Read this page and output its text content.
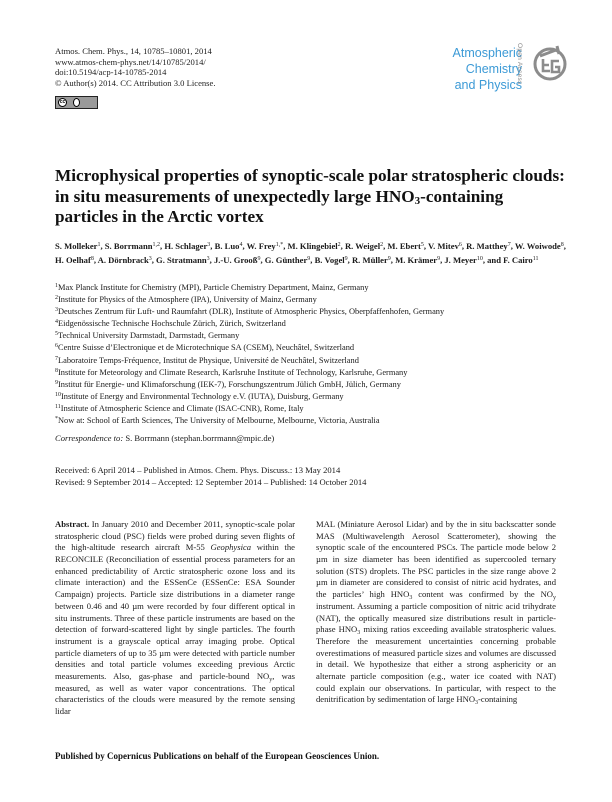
Atmos. Chem. Phys., 14, 10785–10801, 2014
www.atmos-chem-phys.net/14/10785/2014/
doi:10.5194/acp-14-10785-2014
© Author(s) 2014. CC Attribution 3.0 License.
cc
Atmospheric
Chemistry
and Physics
Open Access
Microphysical properties of synoptic-scale polar stratospheric clouds: in situ measurements of unexpectedly large $HNO_3$-containing particles in the Arctic vortex
S. Molleker$^1$, S. Borrmann$^{1,2}$, H. Schlager$^3$, B. Luo$^4$, W. Frey$^{1,*}$, M. Klingebiel$^2$, R. Weigel$^2$, M. Ebert$^5$, V. Mitev$^6$, R. Matthey$^7$, W. Woiwode$^8$, H. Oelhaf$^8$, A. Dörnbrack$^3$, G. Stratmann$^3$, J.-U. Grooß$^9$, G. Günther$^9$, B. Vogel$^9$, R. Müller$^9$, M. Krämer$^9$, J. Meyer$^{10}$, and F. Cairo$^{11}$
$^1$Max Planck Institute for Chemistry (MPI), Particle Chemistry Department, Mainz, Germany
$^2$Institute for Physics of the Atmosphere (IPA), University of Mainz, Germany
$^3$Deutsches Zentrum für Luft- und Raumfahrt (DLR), Institute of Atmospheric Physics, Oberpfaffenhofen, Germany
$^4$Eidgenössische Technische Hochschule Zürich, Zürich, Switzerland
$^5$Technical University Darmstadt, Darmstadt, Germany
$^6$Centre Suisse d’Electronique et de Microtechnique SA (CSEM), Neuchâtel, Switzerland
$^7$Laboratoire Temps-Fréquence, Institut de Physique, Université de Neuchâtel, Switzerland
$^8$Institute for Meteorology and Climate Research, Karlsruhe Institute of Technology, Karlsruhe, Germany
$^9$Institut für Energie- und Klimaforschung (IEK-7), Forschungszentrum Jülich GmbH, Jülich, Germany
$^{10}$Institute of Energy and Environmental Technology e.V. (IUTA), Duisburg, Germany
$^{11}$Institute of Atmospheric Science and Climate (ISAC-CNR), Rome, Italy
*Now at: School of Earth Sciences, The University of Melbourne, Melbourne, Victoria, Australia
Correspondence to: S. Borrmann (stephan.borrmann@mpic.de)
Received: 6 April 2014 – Published in Atmos. Chem. Phys. Discuss.: 13 May 2014
Revised: 9 September 2014 – Accepted: 12 September 2014 – Published: 14 October 2014
Abstract. In January 2010 and December 2011, synoptic-scale polar stratospheric cloud (PSC) fields were probed during seven flights of the high-altitude research aircraft M-55 Geophysica within the RECONCILE (Reconciliation of essential process parameters for an enhanced predictability of Arctic stratospheric ozone loss and its climate interaction) and the ESSenCe (ESSenCe: ESA Sounder Campaign) projects. Particle size distributions in a diameter range between 0.46 and 40 µm were recorded by four different optical in situ instruments. Three of these particle instruments are based on the detection of forward-scattered light by single particles. The fourth instrument is a grayscale optical array imaging probe. Optical particle diameters of up to 35 µm were detected with particle number densities and total particle volumes exceeding previous Arctic measurements. Also, gas-phase and particle-bound $NO_y$, was measured, as well as water vapor concentrations. The optical characteristics of the clouds were measured by the remote sensing lidar
MAL (Miniature Aerosol Lidar) and by the in situ backscatter sonde MAS (Multiwavelength Aerosol Scatterometer), showing the synoptic scale of the encountered PSCs. The particle mode below 2 µm in size diameter has been identified as supercooled ternary solution (STS) droplets. The PSC particles in the size range above 2 µm in diameter are considered to consist of nitric acid hydrates, and the particles’ high $HNO_3$ content was confirmed by the $NO_y$ instrument. Assuming a particle composition of nitric acid trihydrate (NAT), the optically measured size distributions result in particle-phase $HNO_3$ mixing ratios exceeding available stratospheric values. Therefore the measurement uncertainties concerning probable overestimations of measured particle sizes and volumes are discussed in detail. We hypothesize that either a strong asphericity or an alternate particle composition (e.g., water ice coated with NAT) could explain our observations. In particular, with respect to the denitrification by sedimentation of large $HNO_3$-containing
Published by Copernicus Publications on behalf of the European Geosciences Union.
